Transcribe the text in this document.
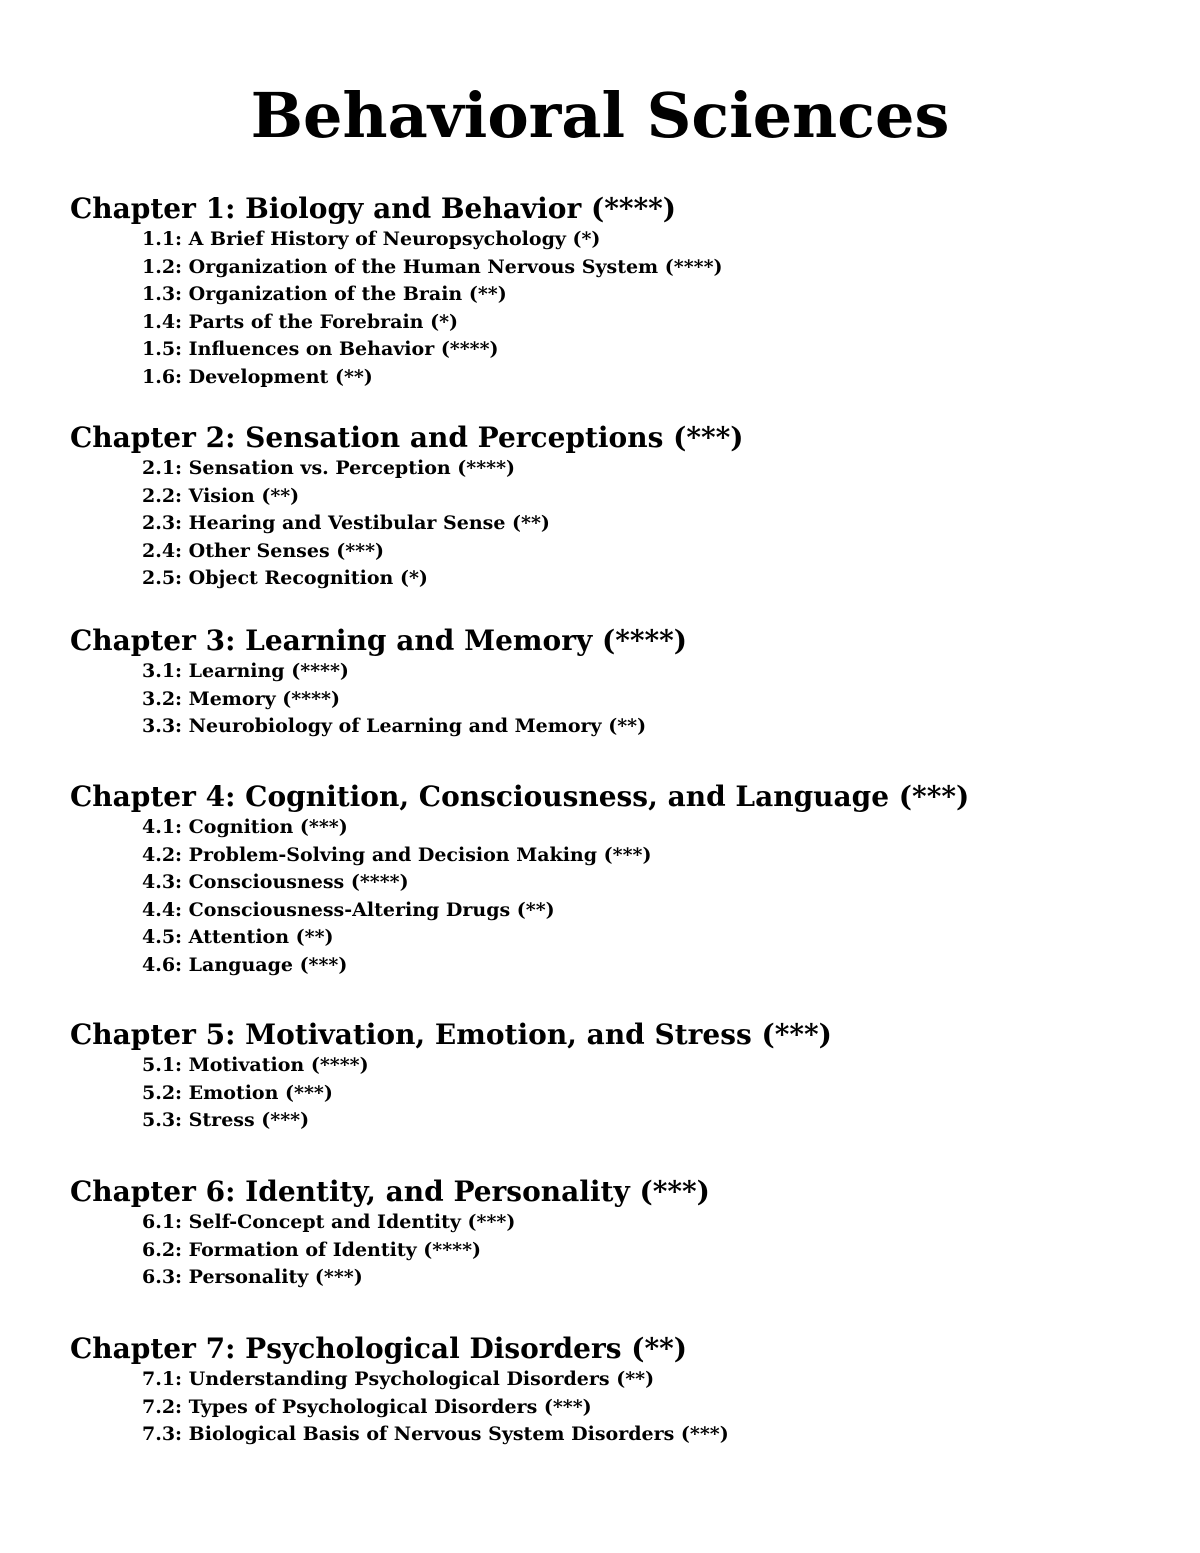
Behavioral Sciences
Chapter 1: Biology and Behavior (****)
1.1: A Brief History of Neuropsychology (*)
1.2: Organization of the Human Nervous System (****)
1.3: Organization of the Brain (**)
1.4: Parts of the Forebrain (*)
1.5: Influences on Behavior (****)
1.6: Development (**)
Chapter 2: Sensation and Perceptions (***)
2.1: Sensation vs. Perception (****)
2.2: Vision (**)
2.3: Hearing and Vestibular Sense (**)
2.4: Other Senses (***)
2.5: Object Recognition (*)
Chapter 3: Learning and Memory (****)
3.1: Learning (****)
3.2: Memory (****)
3.3: Neurobiology of Learning and Memory (**)
Chapter 4: Cognition, Consciousness, and Language (***)
4.1: Cognition (***)
4.2: Problem-Solving and Decision Making (***)
4.3: Consciousness (****)
4.4: Consciousness-Altering Drugs (**)
4.5: Attention (**)
4.6: Language (***)
Chapter 5: Motivation, Emotion, and Stress (***)
5.1: Motivation (****)
5.2: Emotion (***)
5.3: Stress (***)
Chapter 6: Identity, and Personality (***)
6.1: Self-Concept and Identity (***)
6.2: Formation of Identity (****)
6.3: Personality (***)
Chapter 7: Psychological Disorders (**)
7.1: Understanding Psychological Disorders (**)
7.2: Types of Psychological Disorders (***)
7.3: Biological Basis of Nervous System Disorders (***)
